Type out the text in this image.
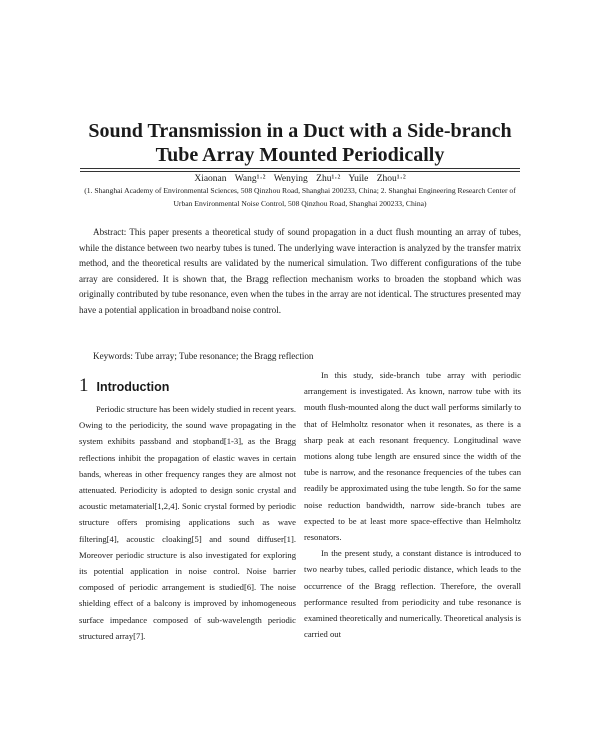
Sound Transmission in a Duct with a Side-branch
Tube Array Mounted Periodically
Xiaonan Wang¹·² Wenying Zhu¹·² Yuile Zhou¹·²
(1. Shanghai Academy of Environmental Sciences, 508 Qinzhou Road, Shanghai 200233, China; 2. Shanghai Engineering Research Center of Urban Environmental Noise Control, 508 Qinzhou Road, Shanghai 200233, China)

Abstract: This paper presents a theoretical study of sound propagation in a duct flush mounting an array of tubes, while the distance between two nearby tubes is tuned. The underlying wave interaction is analyzed by the transfer matrix method, and the theoretical results are validated by the numerical simulation. Two different configurations of the tube array are considered. It is shown that, the Bragg reflection mechanism works to broaden the stopband which was originally contributed by tube resonance, even when the tubes in the array are not identical. The structures presented may have a potential application in broadband noise control.

Keywords: Tube array; Tube resonance; the Bragg reflection

1 Introduction

Periodic structure has been widely studied in recent years. Owing to the periodicity, the sound wave propagating in the system exhibits passband and stopband[1-3], as the Bragg reflections inhibit the propagation of elastic waves in certain bands, whereas in other frequency ranges they are almost not attenuated. Periodicity is adopted to design sonic crystal and acoustic metamaterial[1,2,4]. Sonic crystal formed by periodic structure offers promising applications such as wave filtering[4], acoustic cloaking[5] and sound diffuser[1]. Moreover periodic structure is also investigated for exploring its potential application in noise control. Noise barrier composed of periodic arrangement is studied[6]. The noise shielding effect of a balcony is improved by inhomogeneous surface impedance composed of sub-wavelength periodic structured array[7].

In this study, side-branch tube array with periodic arrangement is investigated. As known, narrow tube with its mouth flush-mounted along the duct wall performs similarly to that of Helmholtz resonator when it resonates, as there is a sharp peak at each resonant frequency. Longitudinal wave motions along tube length are ensured since the width of the tube is narrow, and the resonance frequencies of the tubes can readily be approximated using the tube length. So for the same noise reduction bandwidth, narrow side-branch tubes are expected to be at least more space-effective than Helmholtz resonators.

In the present study, a constant distance is introduced to two nearby tubes, called periodic distance, which leads to the occurrence of the Bragg reflection. Therefore, the overall performance resulted from periodicity and tube resonance is examined theoretically and numerically. Theoretical analysis is carried out
